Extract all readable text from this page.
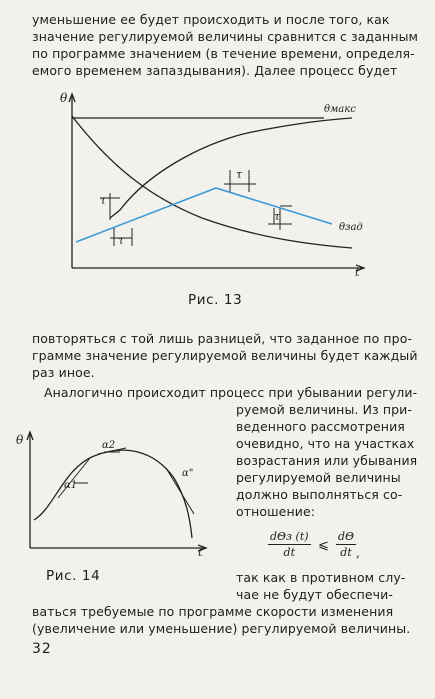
уменьшение ее будет происходить и после того, как
значение регулируемой величины сравнится с заданным
по программе значением (в течение времени, определя-
емого временем запаздывания). Далее процесс будет
θ
t
θмакс
θзад
τ
τ
τ
τ
Рис. 13
повторяться с той лишь разницей, что заданное по про-
грамме значение регулируемой величины будет каждый
раз иное.
Аналогично происходит процесс при убывании регули-
руемой величины. Из при-
веденного рассмотрения
очевидно, что на участках
возрастания или убывания
регулируемой величины
должно выполняться со-
отношение:
θ
t
α1
α2
α"
Рис. 14
dΘз (t)
dt	⩽ $\frac{d\Theta}{dt}$ ,
так как в противном слу-
чае не будут обеспечи-
ваться требуемые по программе скорости изменения
(увеличение или уменьшение) регулируемой величины.
32
